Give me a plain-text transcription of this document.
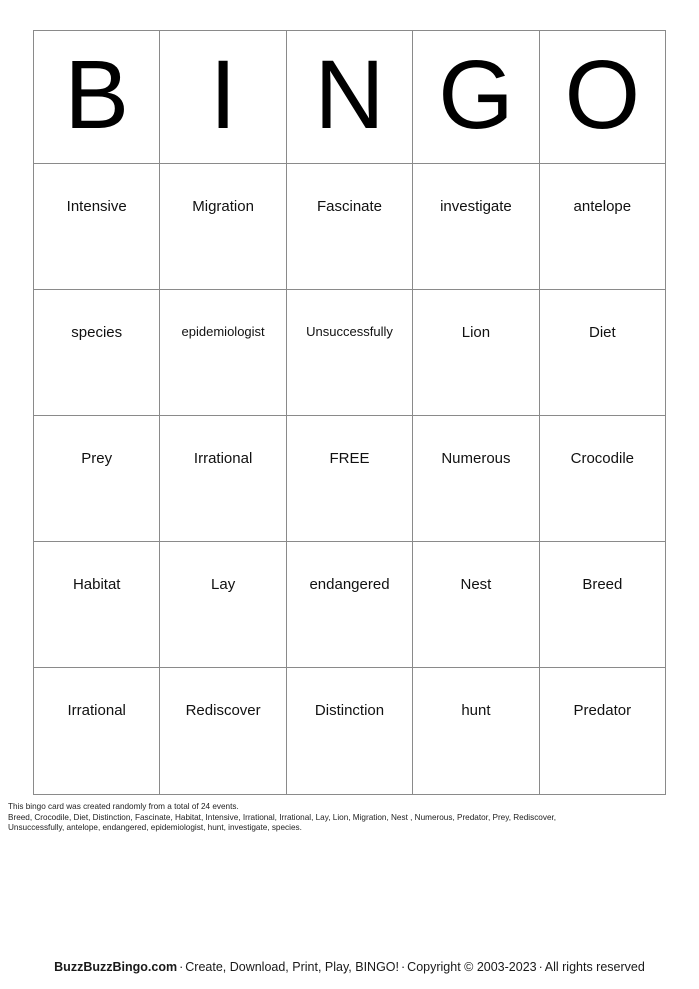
B I N G O
Intensive	Migration	Fascinate	investigate	antelope
species	epidemiologist	Unsuccessfully	Lion	Diet
Prey	Irrational	FREE	Numerous	Crocodile
Habitat	Lay	endangered	Nest	Breed
Irrational	Rediscover	Distinction	hunt	Predator
This bingo card was created randomly from a total of 24 events.
Breed, Crocodile, Diet, Distinction, Fascinate, Habitat, Intensive, Irrational, Irrational, Lay, Lion, Migration, Nest , Numerous, Predator, Prey, Rediscover,
Unsuccessfully, antelope, endangered, epidemiologist, hunt, investigate, species.
BuzzBuzzBingo.com · Create, Download, Print, Play, BINGO! · Copyright © 2003-2023 · All rights reserved
